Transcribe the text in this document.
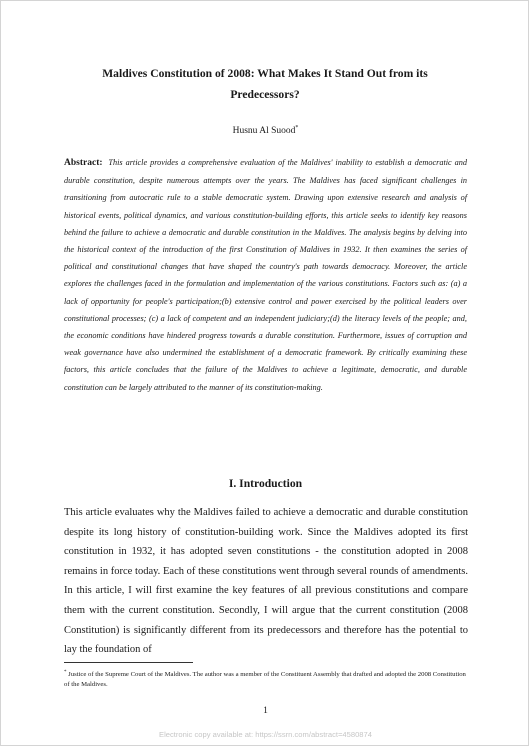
Maldives Constitution of 2008: What Makes It Stand Out from its Predecessors?
Husnu Al Suood*
Abstract: This article provides a comprehensive evaluation of the Maldives' inability to establish a democratic and durable constitution, despite numerous attempts over the years. The Maldives has faced significant challenges in transitioning from autocratic rule to a stable democratic system. Drawing upon extensive research and analysis of historical events, political dynamics, and various constitution-building efforts, this article seeks to identify key reasons behind the failure to achieve a democratic and durable constitution in the Maldives. The analysis begins by delving into the historical context of the introduction of the first Constitution of Maldives in 1932. It then examines the series of political and constitutional changes that have shaped the country's path towards democracy. Moreover, the article explores the challenges faced in the formulation and implementation of the various constitutions. Factors such as: (a) a lack of opportunity for people's participation;(b) extensive control and power exercised by the political leaders over constitutional processes; (c) a lack of competent and an independent judiciary;(d) the literacy levels of the people; and, the economic conditions have hindered progress towards a durable constitution. Furthermore, issues of corruption and weak governance have also undermined the establishment of a democratic framework. By critically examining these factors, this article concludes that the failure of the Maldives to achieve a legitimate, democratic, and durable constitution can be largely attributed to the manner of its constitution-making.
I. Introduction
This article evaluates why the Maldives failed to achieve a democratic and durable constitution despite its long history of constitution-building work. Since the Maldives adopted its first constitution in 1932, it has adopted seven constitutions - the constitution adopted in 2008 remains in force today. Each of these constitutions went through several rounds of amendments. In this article, I will first examine the key features of all previous constitutions and compare them with the current constitution. Secondly, I will argue that the current constitution (2008 Constitution) is significantly different from its predecessors and therefore has the potential to lay the foundation of
* Justice of the Supreme Court of the Maldives. The author was a member of the Constituent Assembly that drafted and adopted the 2008 Constitution of the Maldives.
1
Electronic copy available at: https://ssrn.com/abstract=4580874
